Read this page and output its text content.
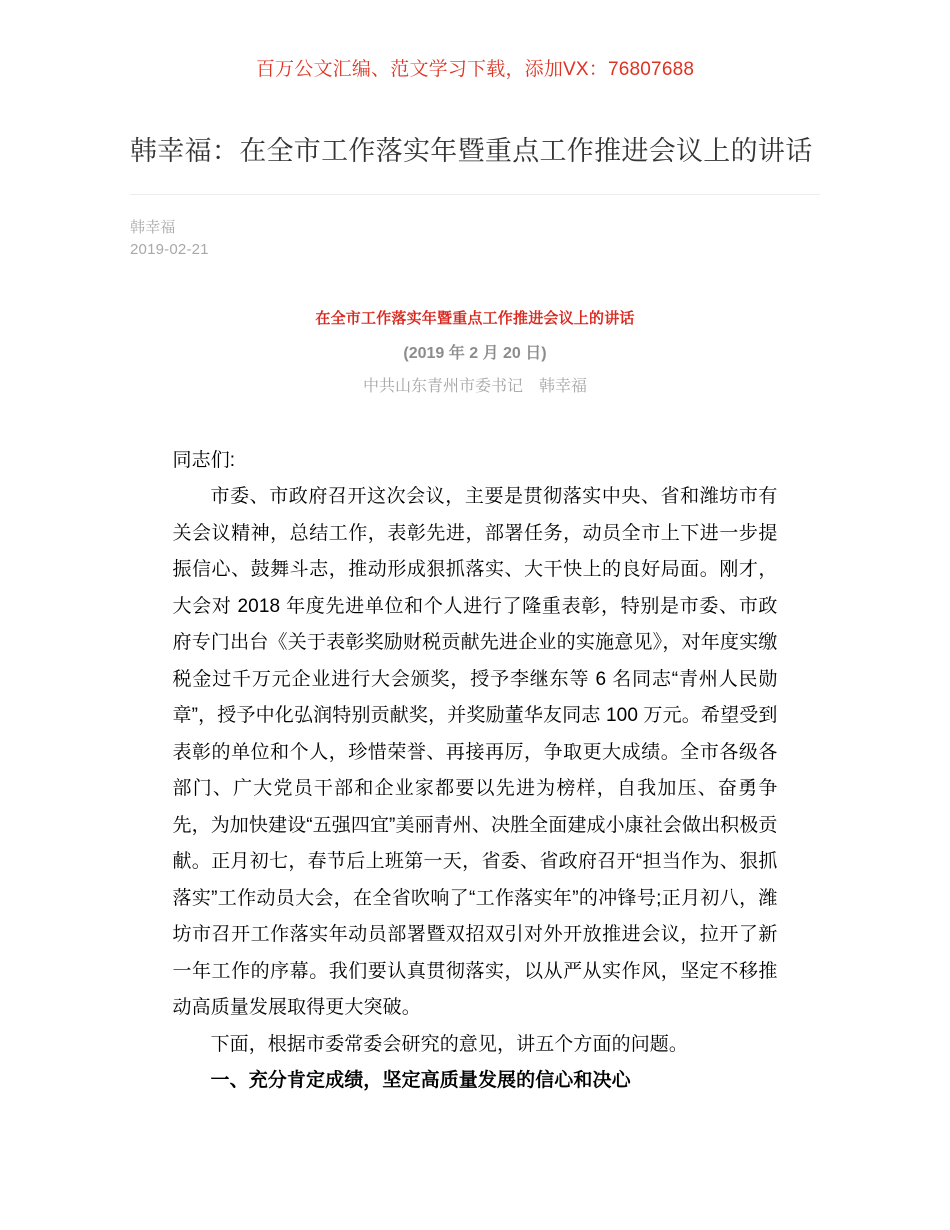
百万公文汇编、范文学习下载，添加VX：76807688
韩幸福：在全市工作落实年暨重点工作推进会议上的讲话
韩幸福
2019-02-21
在全市工作落实年暨重点工作推进会议上的讲话
(2019 年 2 月 20 日)
中共山东青州市委书记　韩幸福

同志们:

市委、市政府召开这次会议，主要是贯彻落实中央、省和潍坊市有关会议精神，总结工作，表彰先进，部署任务，动员全市上下进一步提振信心、鼓舞斗志，推动形成狠抓落实、大干快上的良好局面。刚才，大会对 2018 年度先进单位和个人进行了隆重表彰，特别是市委、市政府专门出台《关于表彰奖励财税贡献先进企业的实施意见》，对年度实缴税金过千万元企业进行大会颁奖，授予李继东等 6 名同志“青州人民勋章”，授予中化弘润特别贡献奖，并奖励董华友同志 100 万元。希望受到表彰的单位和个人，珍惜荣誉、再接再厉，争取更大成绩。全市各级各部门、广大党员干部和企业家都要以先进为榜样，自我加压、奋勇争先，为加快建设“五强四宜”美丽青州、决胜全面建成小康社会做出积极贡献。正月初七，春节后上班第一天，省委、省政府召开“担当作为、狠抓落实”工作动员大会，在全省吹响了“工作落实年”的冲锋号;正月初八，潍坊市召开工作落实年动员部署暨双招双引对外开放推进会议，拉开了新一年工作的序幕。我们要认真贯彻落实，以从严从实作风，坚定不移推动高质量发展取得更大突破。

下面，根据市委常委会研究的意见，讲五个方面的问题。

一、充分肯定成绩，坚定高质量发展的信心和决心
